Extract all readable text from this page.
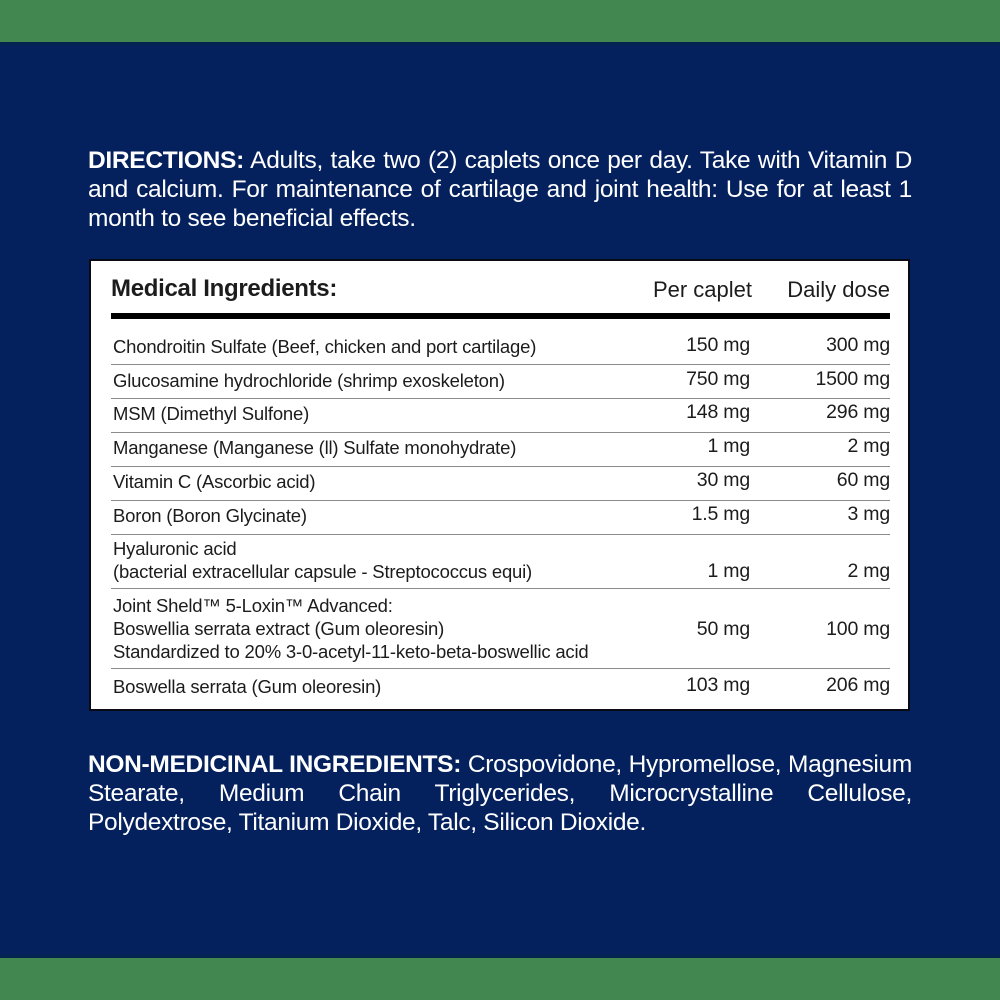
DIRECTIONS: Adults, take two (2) caplets once per day. Take with Vitamin D and calcium. For maintenance of cartilage and joint health: Use for at least 1 month to see beneficial effects.
Medical Ingredients:	Per caplet Daily dose
Chondroitin Sulfate (Beef, chicken and port cartilage)	150 mg	300 mg
Glucosamine hydrochloride (shrimp exoskeleton)	750 mg	1500 mg
MSM (Dimethyl Sulfone)	148 mg	296 mg
Manganese (Manganese (ll) Sulfate monohydrate)	1 mg	2 mg
Vitamin C (Ascorbic acid)	30 mg	60 mg
Boron (Boron Glycinate)	1.5 mg	3 mg
Hyaluronic acid
(bacterial extracellular capsule - Streptococcus equi)	1 mg	2 mg
Joint Sheld™ 5-Loxin™ Advanced:
Boswellia serrata extract (Gum oleoresin)
Standardized to 20% 3-0-acetyl-11-keto-beta-boswellic acid
50 mg	100 mg
Boswella serrata (Gum oleoresin)	103 mg	206 mg
NON-MEDICINAL INGREDIENTS: Crospovidone, Hypromellose, Magnesium Stearate, Medium Chain Triglycerides, Microcrystalline Cellulose, Polydextrose, Titanium Dioxide, Talc, Silicon Dioxide.
